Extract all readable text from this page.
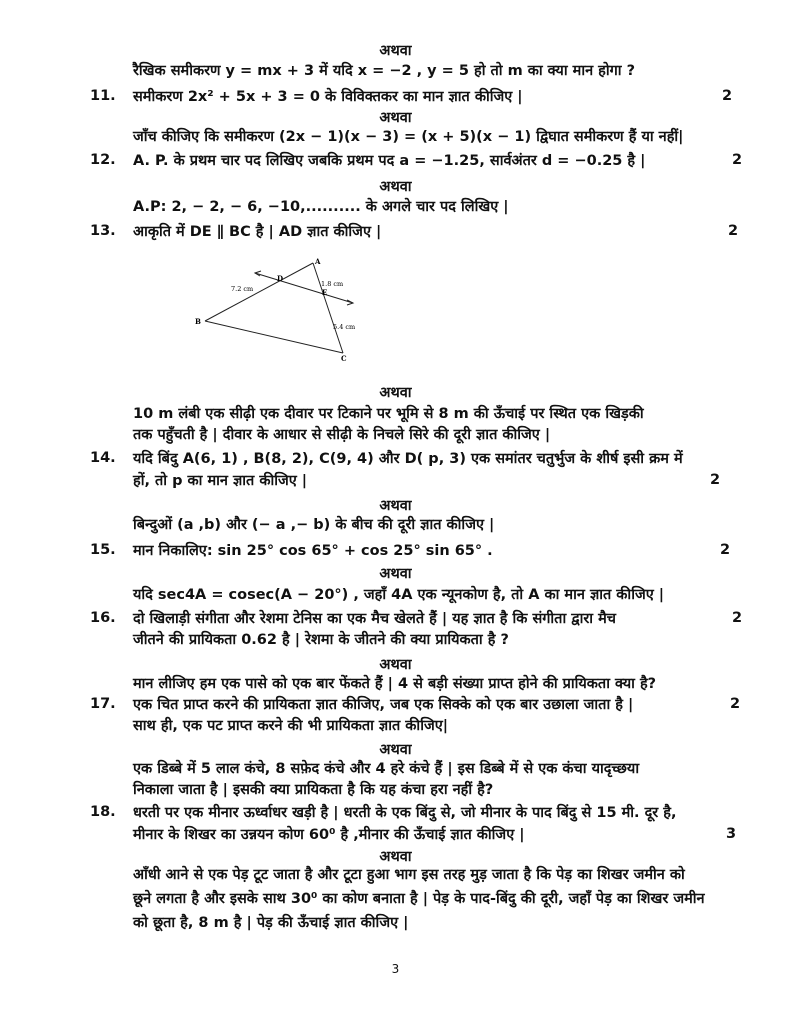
अथवा
रैखिक समीकरण y = mx + 3 में यदि x = −2 , y = 5 हो तो m का क्या मान होगा ?
11. समीकरण 2x² + 5x + 3 = 0 के विविक्तकर का मान ज्ञात कीजिए |	2
अथवा
जाँच कीजिए कि समीकरण (2x − 1)(x − 3) = (x + 5)(x − 1) द्विघात समीकरण हैं या नहीं|
12. A. P. के प्रथम चार पद लिखिए जबकि प्रथम पद a = −1.25, सार्वअंतर d = −0.25 है |	2
अथवा
A.P: 2, − 2, − 6, −10,.......... के अगले चार पद लिखिए |
13. आकृति में DE ∥ BC है | AD ज्ञात कीजिए |	2
A
B
C
D
E
7.2 cm
1.8 cm
5.4 cm
अथवा
10 m लंबी एक सीढ़ी एक दीवार पर टिकाने पर भूमि से 8 m की ऊँचाई पर स्थित एक खिड़की
तक पहुँचती है | दीवार के आधार से सीढ़ी के निचले सिरे की दूरी ज्ञात कीजिए |
14. यदि बिंदु A(6, 1) , B(8, 2), C(9, 4) और D( p, 3) एक समांतर चतुर्भुज के शीर्ष इसी क्रम में
हों, तो p का मान ज्ञात कीजिए |	2
अथवा
बिन्दुओं (a ,b) और (− a ,− b) के बीच की दूरी ज्ञात कीजिए |
15. मान निकालिए: sin 25° cos 65° + cos 25° sin 65° .	2
अथवा
यदि sec4A = cosec(A − 20°) , जहाँ 4A एक न्यूनकोण है, तो A का मान ज्ञात कीजिए |
16. दो खिलाड़ी संगीता और रेशमा टेनिस का एक मैच खेलते हैं | यह ज्ञात है कि संगीता द्वारा मैच	2
जीतने की प्रायिकता 0.62 है | रेशमा के जीतने की क्या प्रायिकता है ?
अथवा
मान लीजिए हम एक पासे को एक बार फेंकते हैं | 4 से बड़ी संख्या प्राप्त होने की प्रायिकता क्या है?
17. एक चित प्राप्त करने की प्रायिकता ज्ञात कीजिए, जब एक सिक्के को एक बार उछाला जाता है |	2
साथ ही, एक पट प्राप्त करने की भी प्रायिकता ज्ञात कीजिए|
अथवा
एक डिब्बे में 5 लाल कंचे, 8 सफ़ेद कंचे और 4 हरे कंचे हैं | इस डिब्बे में से एक कंचा यादृच्छया
निकाला जाता है | इसकी क्या प्रायिकता है कि यह कंचा हरा नहीं है?
18. धरती पर एक मीनार ऊर्ध्वाधर खड़ी है | धरती के एक बिंदु से, जो मीनार के पाद बिंदु से 15 मी. दूर है,
मीनार के शिखर का उन्नयन कोण 60⁰ है ,मीनार की ऊँचाई ज्ञात कीजिए |	3
अथवा
आँधी आने से एक पेड़ टूट जाता है और टूटा हुआ भाग इस तरह मुड़ जाता है कि पेड़ का शिखर जमीन को
छूने लगता है और इसके साथ 30⁰ का कोण बनाता है | पेड़ के पाद-बिंदु की दूरी, जहाँ पेड़ का शिखर जमीन
को छूता है, 8 m है | पेड़ की ऊँचाई ज्ञात कीजिए |
3
